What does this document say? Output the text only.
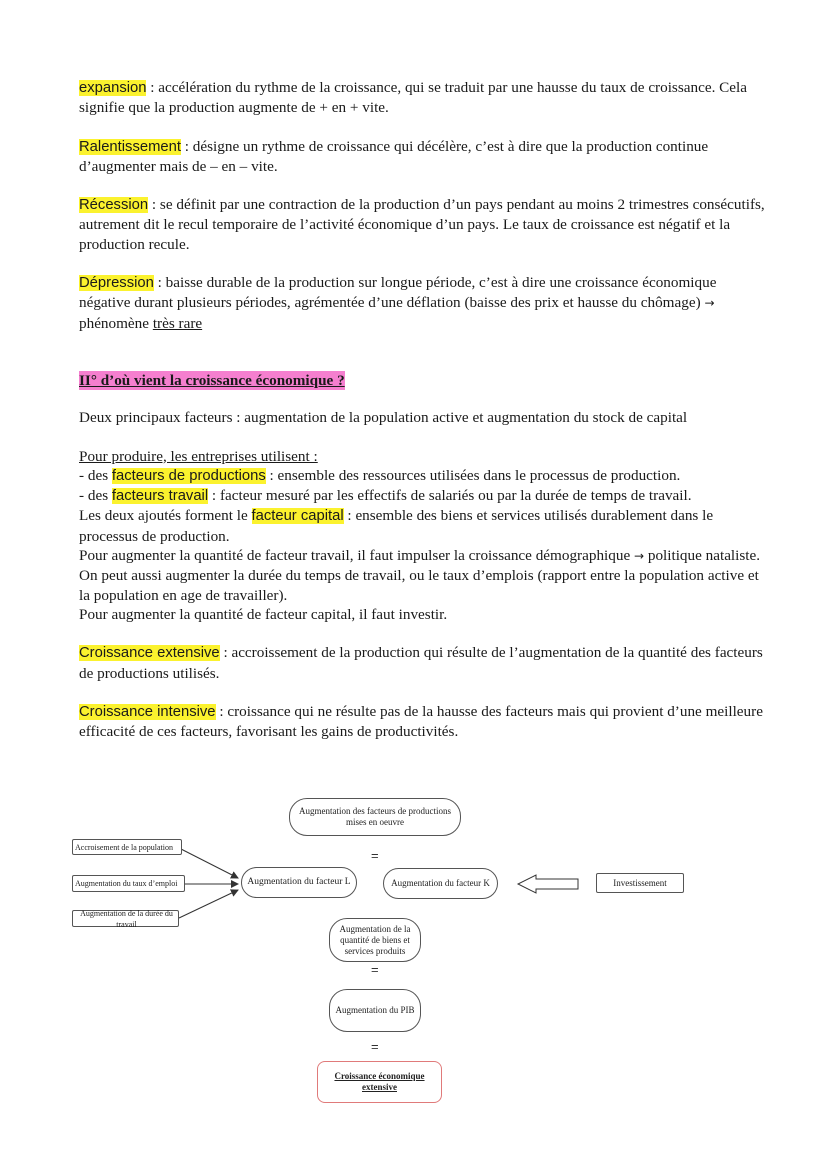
expansion : accélération du rythme de la croissance, qui se traduit par une hausse du taux de croissance. Cela signifie que la production augmente de + en + vite.

Ralentissement : désigne un rythme de croissance qui décélère, c’est à dire que la production continue d’augmenter mais de – en – vite.

Récession : se définit par une contraction de la production d’un pays pendant au moins 2 trimestres consécutifs, autrement dit le recul temporaire de l’activité économique d’un pays. Le taux de croissance est négatif et la production recule.

Dépression : baisse durable de la production sur longue période, c’est à dire une croissance économique négative durant plusieurs périodes, agrémentée d’une déflation (baisse des prix et hausse du chômage) → phénomène très rare

II° d’où vient la croissance économique ?

Deux principaux facteurs : augmentation de la population active et augmentation du stock de capital

Pour produire, les entreprises utilisent :
- des facteurs de productions : ensemble des ressources utilisées dans le processus de production.
- des facteurs travail : facteur mesuré par les effectifs de salariés ou par la durée de temps de travail.
Les deux ajoutés forment le facteur capital : ensemble des biens et services utilisés durablement dans le processus de production.
Pour augmenter la quantité de facteur travail, il faut impulser la croissance démographique → politique nataliste. On peut aussi augmenter la durée du temps de travail, ou le taux d’emplois (rapport entre la population active et la population en age de travailler).
Pour augmenter la quantité de facteur capital, il faut investir.

Croissance extensive : accroissement de la production qui résulte de l’augmentation de la quantité des facteurs de productions utilisés.

Croissance intensive : croissance qui ne résulte pas de la hausse des facteurs mais qui provient d’une meilleure efficacité de ces facteurs, favorisant les gains de productivités.

Augmentation des facteurs de productions mises en oeuvre
=
Accroisement de la population
Augmentation du taux d’emploi
Augmentation de la durée du travail
Augmentation du facteur L	Augmentation du facteur K	Investissement
Augmentation de la quantité de biens et services produits
=
Augmentation du PIB
=
Croissance économique extensive
